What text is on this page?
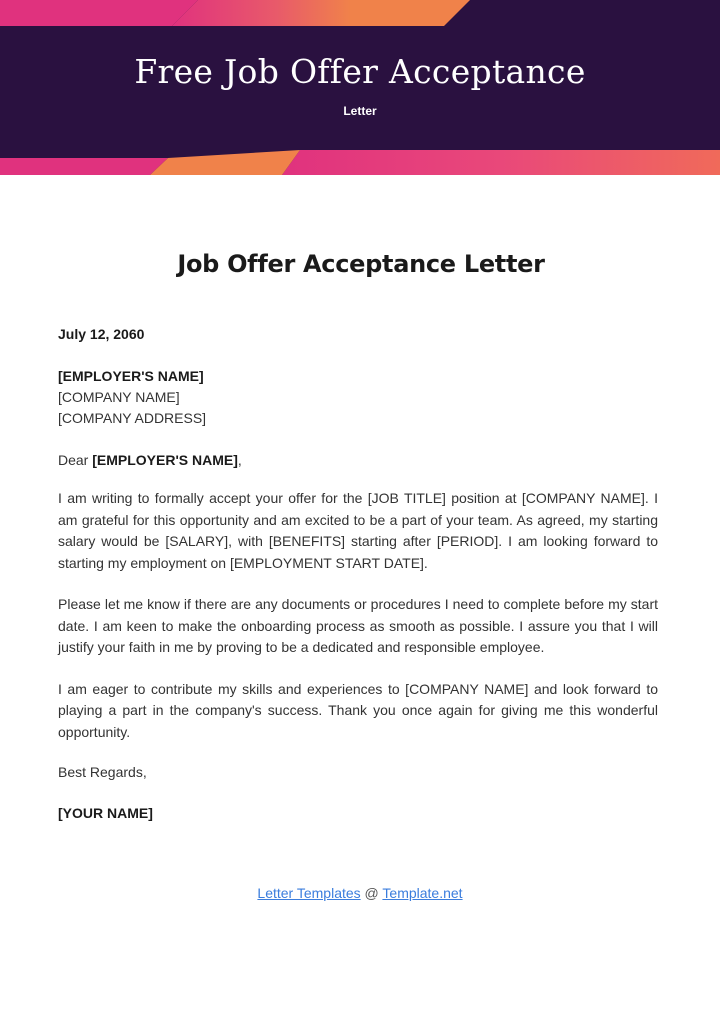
Free Job Offer Acceptance
Letter
Job Offer Acceptance Letter
July 12, 2060
[EMPLOYER'S NAME]
[COMPANY NAME]
[COMPANY ADDRESS]
Dear [EMPLOYER'S NAME],

I am writing to formally accept your offer for the [JOB TITLE] position at [COMPANY NAME]. I am grateful for this opportunity and am excited to be a part of your team. As agreed, my starting salary would be [SALARY], with [BENEFITS] starting after [PERIOD]. I am looking forward to starting my employment on [EMPLOYMENT START DATE].

Please let me know if there are any documents or procedures I need to complete before my start date. I am keen to make the onboarding process as smooth as possible. I assure you that I will justify your faith in me by proving to be a dedicated and responsible employee.

I am eager to contribute my skills and experiences to [COMPANY NAME] and look forward to playing a part in the company's success. Thank you once again for giving me this wonderful opportunity.

Best Regards,
[YOUR NAME]
Letter Templates @ Template.net
